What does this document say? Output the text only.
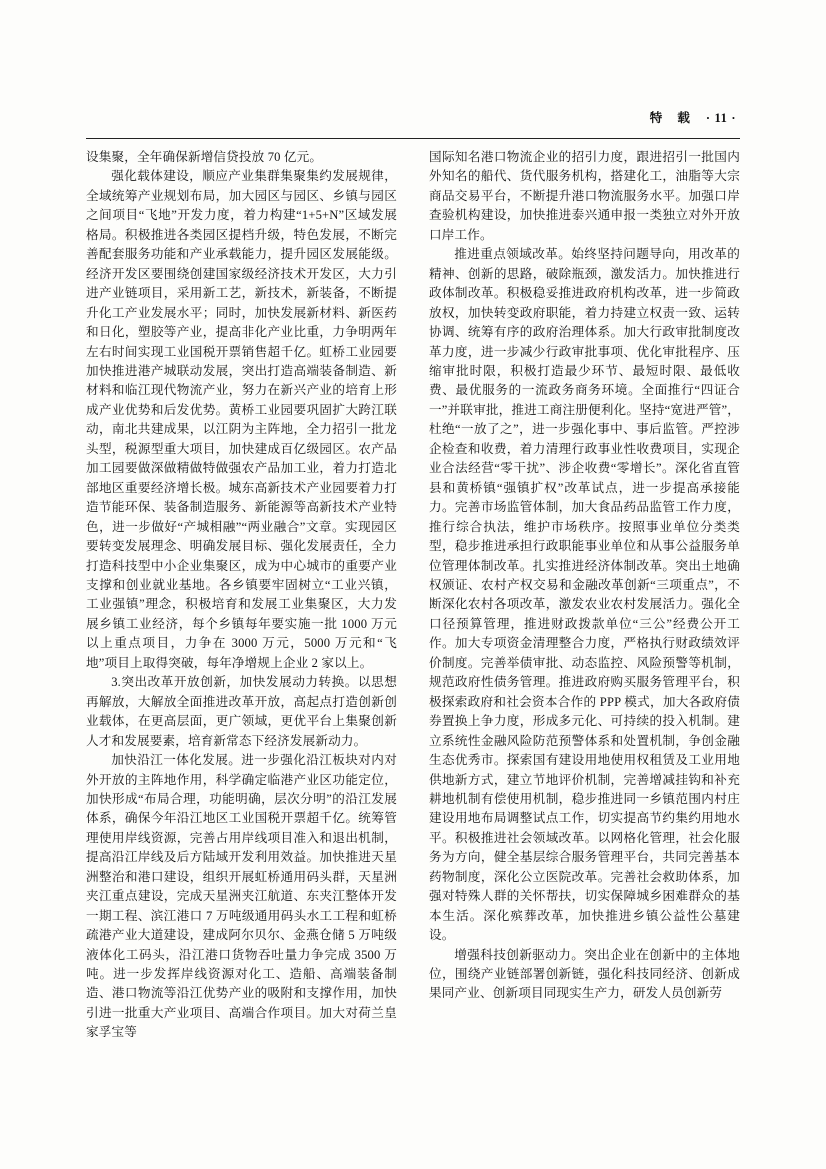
特 载 · 11 ·

设集聚，全年确保新增信贷投放 70 亿元。

强化载体建设，顺应产业集群集聚集约发展规律，全域统筹产业规划布局，加大园区与园区、乡镇与园区之间项目“飞地”开发力度，着力构建“1+5+N”区域发展格局。积极推进各类园区提档升级，特色发展，不断完善配套服务功能和产业承载能力，提升园区发展能级。经济开发区要围绕创建国家级经济技术开发区，大力引进产业链项目，采用新工艺，新技术，新装备，不断提升化工产业发展水平；同时，加快发展新材料、新医药和日化，塑胶等产业，提高非化产业比重，力争明两年左右时间实现工业国税开票销售超千亿。虹桥工业园要加快推进港产城联动发展，突出打造高端装备制造、新材料和临江现代物流产业，努力在新兴产业的培育上形成产业优势和后发优势。黄桥工业园要巩固扩大跨江联动，南北共建成果，以江阴为主阵地，全力招引一批龙头型，税源型重大项目，加快建成百亿级园区。农产品加工园要做深做精做特做强农产品加工业，着力打造北部地区重要经济增长极。城东高新技术产业园要着力打造节能环保、装备制造服务、新能源等高新技术产业特色，进一步做好“产城相融”“两业融合”文章。实现园区要转变发展理念、明确发展目标、强化发展责任，全力打造科技型中小企业集聚区，成为中心城市的重要产业支撑和创业就业基地。各乡镇要牢固树立“工业兴镇，工业强镇”理念，积极培育和发展工业集聚区，大力发展乡镇工业经济，每个乡镇每年要实施一批 1000 万元以上重点项目，力争在 3000 万元，5000 万元和“飞地”项目上取得突破，每年净增规上企业 2 家以上。

3.突出改革开放创新，加快发展动力转换。以思想再解放，大解放全面推进改革开放，高起点打造创新创业载体，在更高层面，更广领域，更优平台上集聚创新人才和发展要素，培育新常态下经济发展新动力。

加快沿江一体化发展。进一步强化沿江板块对内对外开放的主阵地作用，科学确定临港产业区功能定位，加快形成“布局合理，功能明确，层次分明”的沿江发展体系，确保今年沿江地区工业国税开票超千亿。统筹管理使用岸线资源，完善占用岸线项目准入和退出机制，提高沿江岸线及后方陆域开发利用效益。加快推进天星洲整治和港口建设，组织开展虹桥通用码头群，天星洲夹江重点建设，完成天星洲夹江航道、东夹江整体开发一期工程、滨江港口 7 万吨级通用码头水工工程和虹桥疏港产业大道建设，建成阿尔贝尔、金燕仓储 5 万吨级液体化工码头，沿江港口货物吞吐量力争完成 3500 万吨。进一步发挥岸线资源对化工、造船、高端装备制造、港口物流等沿江优势产业的吸附和支撑作用，加快引进一批重大产业项目、高端合作项目。加大对荷兰皇家孚宝等

国际知名港口物流企业的招引力度，跟进招引一批国内外知名的船代、货代服务机构，搭建化工，油脂等大宗商品交易平台，不断提升港口物流服务水平。加强口岸查验机构建设，加快推进泰兴通申报一类独立对外开放口岸工作。

推进重点领域改革。始终坚持问题导向，用改革的精神、创新的思路，破除瓶颈，激发活力。加快推进行政体制改革。积极稳妥推进政府机构改革，进一步简政放权，加快转变政府职能，着力持建立权责一致、运转协调、统筹有序的政府治理体系。加大行政审批制度改革力度，进一步减少行政审批事项、优化审批程序、压缩审批时限，积极打造最少环节、最短时限、最低收费、最优服务的一流政务商务环境。全面推行“四证合一”并联审批，推进工商注册便利化。坚持“宽进严管”，杜绝“一放了之”，进一步强化事中、事后监管。严控涉企检查和收费，着力清理行政事业性收费项目，实现企业合法经营“零干扰”、涉企收费“零增长”。深化省直管县和黄桥镇“强镇扩权”改革试点，进一步提高承接能力。完善市场监管体制，加大食品药品监管工作力度，推行综合执法，维护市场秩序。按照事业单位分类类型，稳步推进承担行政职能事业单位和从事公益服务单位管理体制改革。扎实推进经济体制改革。突出土地确权颁证、农村产权交易和金融改革创新“三项重点”，不断深化农村各项改革，激发农业农村发展活力。强化全口径预算管理，推进财政拨款单位“三公”经费公开工作。加大专项资金清理整合力度，严格执行财政绩效评价制度。完善举债审批、动态监控、风险预警等机制，规范政府性债务管理。推进政府购买服务管理平台，积极探索政府和社会资本合作的 PPP 模式，加大各政府债券置换上争力度，形成多元化、可持续的投入机制。建立系统性金融风险防范预警体系和处置机制，争创金融生态优秀市。探索国有建设用地使用权租赁及工业用地供地新方式，建立节地评价机制，完善增减挂钩和补充耕地机制有偿使用机制，稳步推进同一乡镇范围内村庄建设用地布局调整试点工作，切实提高节约集约用地水平。积极推进社会领域改革。以网格化管理，社会化服务为方向，健全基层综合服务管理平台，共同完善基本药物制度，深化公立医院改革。完善社会救助体系，加强对特殊人群的关怀帮扶，切实保障城乡困难群众的基本生活。深化殡葬改革，加快推进乡镇公益性公墓建设。

增强科技创新驱动力。突出企业在创新中的主体地位，围绕产业链部署创新链，强化科技同经济、创新成果同产业、创新项目同现实生产力，研发人员创新劳
